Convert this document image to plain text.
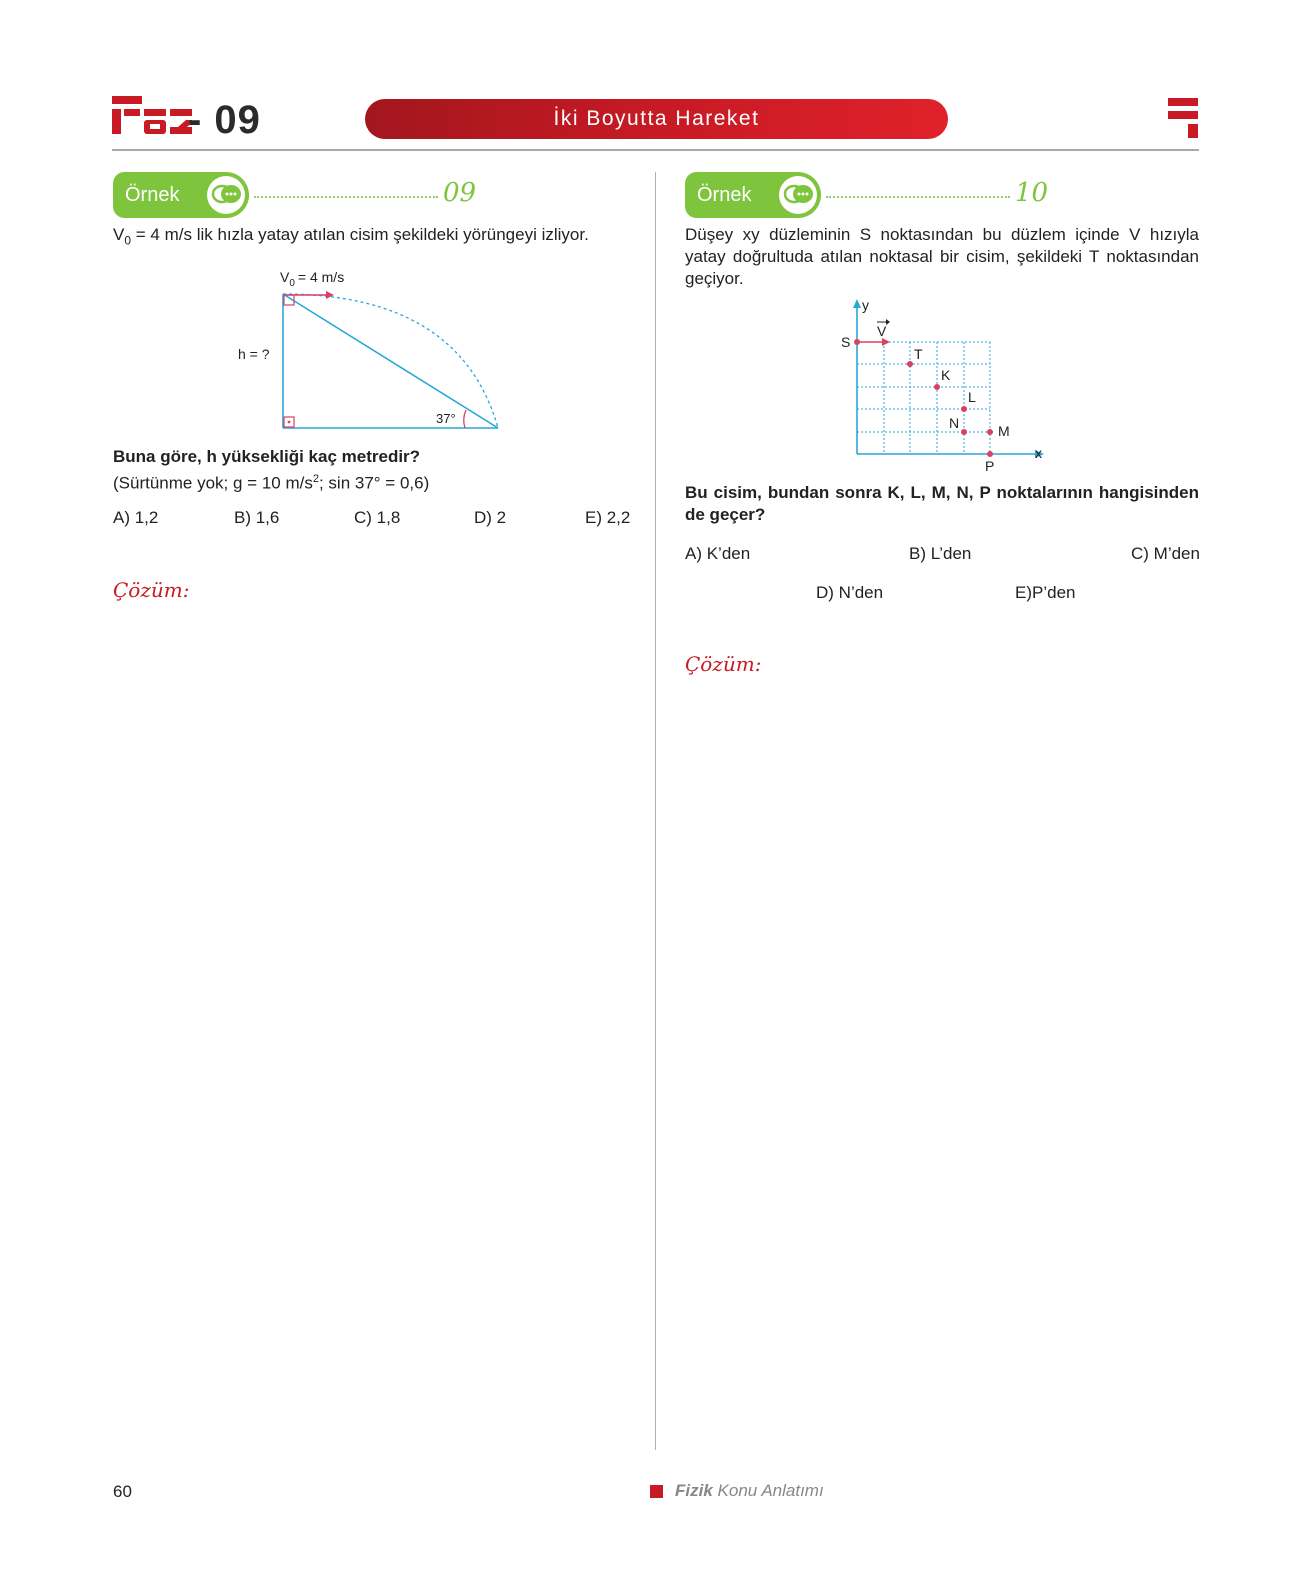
- 09	İki Boyutta Hareket
Örnek	09
$V_0 = 4$ m/s lik hızla yatay atılan cisim şekildeki yörüngeyi izliyor.
$V_0 = 4$ m/s
h = ?
37°
Buna göre, h yüksekliği kaç metredir?
(Sürtünme yok; g = 10 $m/s^2$; sin 37° = 0,6)
A) 1,2	B) 1,6	C) 1,8	D) 2	E) 2,2
Çözüm:
Örnek	10
Düşey xy düzleminin S noktasından bu düzlem içinde V hızıyla yatay doğrultuda atılan noktasal bir cisim, şekildeki T noktasından geçiyor.
y
x
V
S
T
K
L
N	M
P
Bu cisim, bundan sonra K, L, M, N, P noktalarının hangisinden de geçer?
A) K’den	B) L’den	C) M’den
D) N’den	E)P’den
Çözüm:
60	Fizik Konu Anlatımı
